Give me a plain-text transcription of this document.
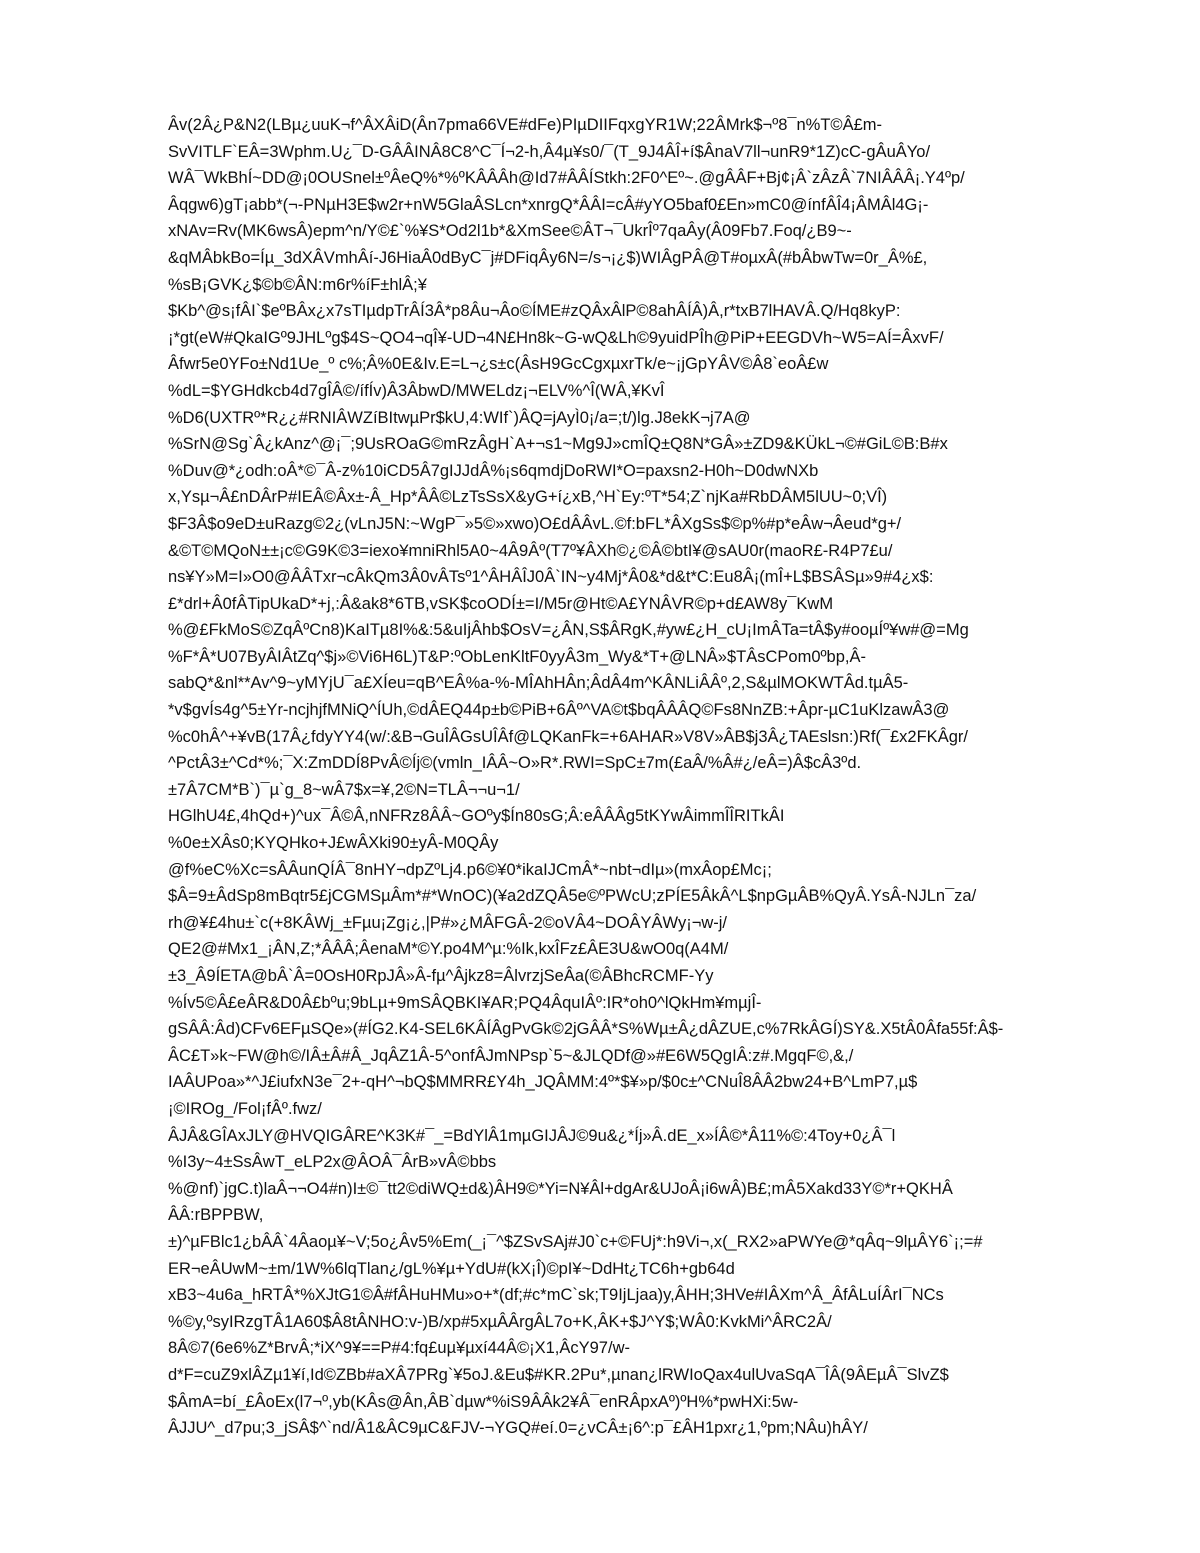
Âv(2Â¿P&N2(LBµ¿uuK¬f^ÂXÂiD(Ân7pma66VE#dFe)PIµDIIFqxgYR1W;22ÂMrk$¬º8¯n%T©Â£m-
SvVITLF`EÂ=3Wphm.U¿¯D-GÂÂINÂ8C8^C¯Í¬2-h,Â4µ¥s0/¯(T_9J4ÂÎ+í$ÂnaV7ll¬unR9*1Z)cC-gÂuÂYo/
WÂ¯WkBhÍ~DD@¡0OUSnel±ºÂeQ%*%ºKÂÂÂh@Id7#ÂÂÍStkh:2F0^Eº~.@gÂÂF+Bj¢¡Â`zÂzÂ`7NIÂÂÂ¡.Y4ºp/
Âqgw6)gT¡abb*(¬-PNµH3E$w2r+nW5GlaÂSLcn*xnrgQ*ÂÂI=cÂ#yYO5baf0£En»mC0@ínfÂÎ4¡ÂMÂl4G¡-
xNAv=Rv(MK6wsÂ)epm^n/Y©£`%¥S*Od2l1b*&XmSee©ÂT¬¯UkrÎº7qaÂy(Â09Fb7.Foq/¿B9~-
&qMÂbkBo=Íµ_3dXÂVmhÂí-J6HiaÂ0dByC¯j#DFiqÂy6N=/s¬¡¿$)WIÂgPÂ@T#oµxÂ(#bÂbwTw=0r_Â%£,
%sB¡GVK¿$©b©ÂN:m6r%íF±hlÂ;¥
$Kb^@s¡fÂI`$eºBÂx¿x7sTIµdpTrÂÍ3Â*p8Âu¬Âo©ÍME#zQÂxÂlP©8ahÂÍÂ)Â,r*txB7lHAVÂ.Q/Hq8kyP:
¡*gt(eW#QkaIGº9JHLºg$4S~QO4¬qÎ¥-UD¬4N£Hn8k~G-wQ&Lh©9yuidPÎh@PiP+EEGDVh~W5=AÍ=ÂxvF/
Âfwr5e0YFo±Nd1Ue_º c%;Â%0E&Iv.E=L¬¿s±c(ÂsH9GcCgxµxrTk/e~¡jGpYÂV©Â8`eoÂ£w
%dL=$YGHdkcb4d7gÎÂ©/ífÍv)Â3ÂbwD/MWELdz¡¬ELV%^Î(WÂ,¥KvÎ
%D6(UXTRº*R¿¿#RNIÂWZíBItwµPr$kU,4:WIf`)ÂQ=jAyÌ0¡/a=;t/)lg.J8ekK¬j7A@
%SrN@Sg`Â¿kAnz^@¡¯;9UsROaG©mRzÂgH`A+¬s1~Mg9J»cmÎQ±Q8N*GÂ»±ZD9&KÜkL¬©#GiL©B:B#x
%Duv@*¿odh:oÂ*©¯Â-z%10iCD5Â7gIJJdÂ%¡s6qmdjDoRWI*O=paxsn2-H0h~D0dwNXb
x,Ysµ¬Â£nDÂrP#IEÂ©Âx±-Â_Hp*ÂÂ©LzTsSsX&yG+í¿xB,^H`Ey:ºT*54;Z`njKa#RbDÂM5lUU~0;VÎ)
$F3Â$o9eD±uRazg©2¿(vLnJ5N:~WgP¯»5©»xwo)O£dÂÂvL.©f:bFL*ÂXgSs$©p%#p*eÂw¬Âeud*g+/
&©T©MQoN±±¡c©G9K©3=iexo¥mniRhl5A0~4Â9Âº(T7º¥ÂXh©¿©Â©btI¥@sAU0r(maoR£-R4P7£u/
ns¥Y»M=I»O0@ÂÂTxr¬cÂkQm3Â0vÂTsº1^ÂHÂÎJ0Â`IN~y4Mj*Â0&*d&t*C:Eu8Â¡(mÎ+L$BSÂSµ»9#4¿x$:
£*drl+Â0fÂTipUkaD*+j,:Â&ak8*6TB,vSK$coODÍ±=I/M5r@Ht©A£YNÂVR©p+d£AW8y¯KwM
%@£FkMoS©ZqÂºCn8)KaIТµ8I%&:5&uIjÂhb$OsV=¿ÂN,S$ÂRgK,#yw£¿H_cU¡ImÂTa=tÂ$y#ooµÍº¥w#@=Mg
%F*Â*U07ByÂIÂtZq^$j»©Vi6H6L)T&P:ºObLenKltF0yyÂ3m_Wy&*T+@LNÂ»$TÂsCPom0ºbp,Â-
sabQ*&nl**Av^9~yMYjU¯a£XÍeu=qB^EÂ%a-%-MÎAhHÂn;ÂdÂ4m^KÂNLiÂÂº,2,S&µlMOKWTÂd.tµÂ5-
*v$gvÍs4g^5±Yr-ncjhjfMNiQ^ÍUh,©dÂEQ44p±b©PiB+6Âº^VA©t$bqÂÂÂQ©Fs8NnZB:+Âpr-µC1uKlzawÂ3@
%c0hÂ^+¥vB(17Â¿fdyYY4(w/:&B¬GuÎÂGsUÎÂf@LQKanFk=+6AHAR»V8V»ÂB$j3Â¿TAEslsn:)Rf(¯£x2FKÂgr/
^PctÂ3±^Cd*%;¯X:ZmDDÍ8PvÂ©Íj©(vmln_IÂÂ~O»R*.RWI=SpC±7m(£aÂ/%Â#¿/eÂ=)Â$cÂ3ºd.
±7Â7CM*B`)¯µ`g_8~wÂ7$x=¥,2©N=TLÂ¬¬u¬1/
HGlhU4£,4hQd+)^ux¯Â©Â,nNFRz8ÂÂ~GOºy$Ín80sG;Â:eÂÂÂg5tKYwÂimmÎÎRITkÂI
%0e±XÂs0;KYQHko+J£wÂXki90±yÂ-M0QÂy
@f%eC%Xc=sÂÂunQÍÂ¯8nHY¬dpZºLj4.p6©¥0*ikaIJCmÂ*~nbt¬dIµ»(mxÂop£Mc¡;
$Â=9±ÂdSp8mBqtr5£jCGMSµÂm*#*WnOC)(¥a2dZQÂ5e©ºPWcU;zPÍE5ÂkÂ^L$npGµÂB%QyÂ.YsÂ-NJLn¯za/
rh@¥£4hu±`c(+8KÂWj_±Fµu¡Zg¡¿,|P#»¿MÂFGÂ-2©oVÂ4~DOÂYÂWy¡¬w-j/
QE2@#Mx1_¡ÂN,Z;*ÂÂÂ;ÂenaM*©Y.po4M^µ:%Ik,kxÎFz£ÂE3U&wO0q(A4M/
±3_Â9ÍETA@bÂ`Â=0OsH0RpJÂ»Â-fµ^Âjkz8=ÂlvrzjSeÂa(©ÂBhcRCMF-Yy
%Ív5©Â£eÂR&D0Â£bºu;9bLµ+9mSÂQBKI¥AR;PQ4ÂquIÂº:IR*oh0^lQkHm¥mµjÎ-
gSÂÂ:Âd)CFv6EFµSQe»(#ÍG2.K4-SEL6KÂÍÂgPvGk©2jGÂÂ*S%Wµ±Â¿dÂZUE,c%7RkÂGÍ)SY&.X5tÂ0Âfa55f:Â$-
ÂC£T»k~FW@h©/IÂ±Â#Â_JqÂZ1Â-5^onfÂJmNPsp`5~&JLQDf@»#E6W5QgIÂ:z#.MgqF©,&,/
IAÂUPoa»*^J£iufxN3e¯2+-qH^¬bQ$MMRR£Y4h_JQÂMM:4º*$¥»p/$0c±^CNuÎ8ÂÂ2bw24+B^LmP7,µ$
¡©IROg_/Fol¡fÂº.fwz/
ÂJÂ&GÎAxJLY@HVQIGÂRE^K3K#¯_=BdYlÂ1mµGIJÂJ©9u&¿*Íj»Â.dE_x»ÍÂ©*Â11%©:4Toy+0¿Â¯l
%I3y~4±SsÂwT_eLP2x@ÂOÂ¯ÂrB»vÂ©bbs
%@nf)`jgC.t)laÂ¬¬O4#n)I±©¯tt2©diWQ±d&)ÂH9©*Yi=N¥Âl+dgAr&UJoÂ¡i6wÂ)B£;mÂ5Xakd33Y©*r+QKHÂ
ÂÂ:rBPPBW,
±)^µFBlc1¿bÂÂ`4Âaoµ¥~V;5o¿Âv5%Em(_¡¯^$ZSvSAj#J0`c+©FUj*:h9Vi¬,x(_RX2»aPWYe@*qÂq~9lµÂY6`¡;=#
ER¬eÂUwM~±m/1W%6lqTlan¿/gL%¥µ+YdU#(kX¡Î)©pI¥~DdHt¿TC6h+gb64d
xB3~4u6a_hRTÂ*%XJtG1©Â#fÂHuHMu»o+*(df;#c*mC`sk;T9IjLjaa)y,ÂHH;3HVe#IÂXm^Â_ÂfÂLuÍÂrI¯NCs
%©y,ºsyIRzgTÂ1A60$Â8tÂNHO:v-)B/xp#5xµÂÂrgÂL7o+K,ÂK+$J^Y$;WÂ0:KvkMi^ÂRC2Â/
8Â©7(6e6%Z*BrvÂ;*iX^9¥==P#4:fq£uµ¥µxí44Â©¡X1,ÂcY97/w-
d*F=cuZ9xlÂZµ1¥í,Id©ZBb#aXÂ7PRg`¥5oJ.&Eu$#KR.2Pu*,µnan¿lRWIoQax4ulUvaSqA¯ÎÂ(9ÂEµÂ¯SlvZ$
$ÂmA=bí_£ÂoEx(l7¬º,yb(KÂs@Ân,ÂB`dµw*%iS9ÂÂk2¥Â¯enRÂpxAº)ºH%*pwHXi:5w-
ÂJJU^_d7pu;3_jSÂ$^`nd/Â1&ÂC9µC&FJV-¬YGQ#eí.0=¿vCÂ±¡6^:p¯£ÂH1pxr¿1,ºpm;NÂu)hÂY/
